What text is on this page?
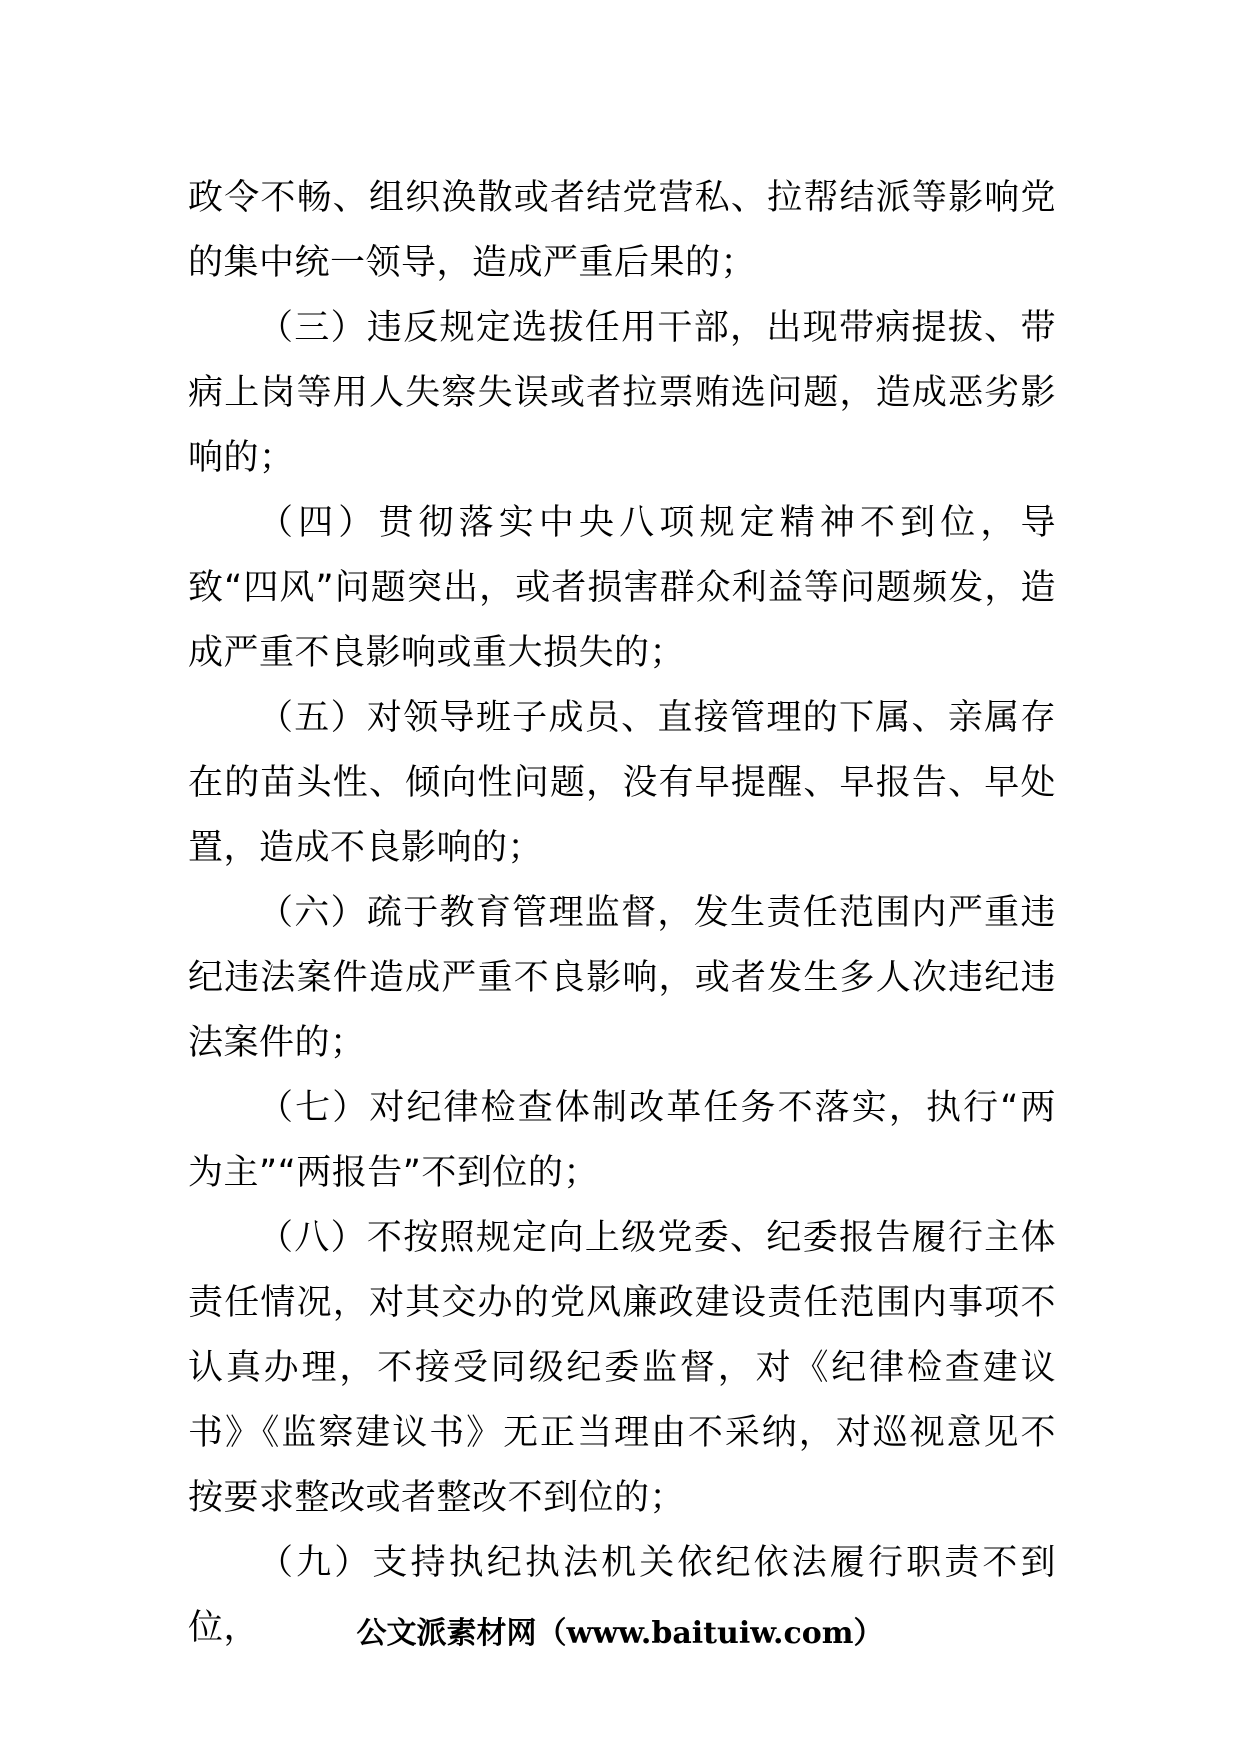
政令不畅、组织涣散或者结党营私、拉帮结派等影响党的集中统一领导，造成严重后果的；

（三）违反规定选拔任用干部，出现带病提拔、带病上岗等用人失察失误或者拉票贿选问题，造成恶劣影响的；

（四）贯彻落实中央八项规定精神不到位，导致“四风”问题突出，或者损害群众利益等问题频发，造成严重不良影响或重大损失的；

（五）对领导班子成员、直接管理的下属、亲属存在的苗头性、倾向性问题，没有早提醒、早报告、早处置，造成不良影响的；

（六）疏于教育管理监督，发生责任范围内严重违纪违法案件造成严重不良影响，或者发生多人次违纪违法案件的；

（七）对纪律检查体制改革任务不落实，执行“两为主”“两报告”不到位的；

（八）不按照规定向上级党委、纪委报告履行主体责任情况，对其交办的党风廉政建设责任范围内事项不认真办理，不接受同级纪委监督，对《纪律检查建议书》《监察建议书》无正当理由不采纳，对巡视意见不按要求整改或者整改不到位的；

（九）支持执纪执法机关依纪依法履行职责不到位，	公文派素材网（www.baituiw.com）
